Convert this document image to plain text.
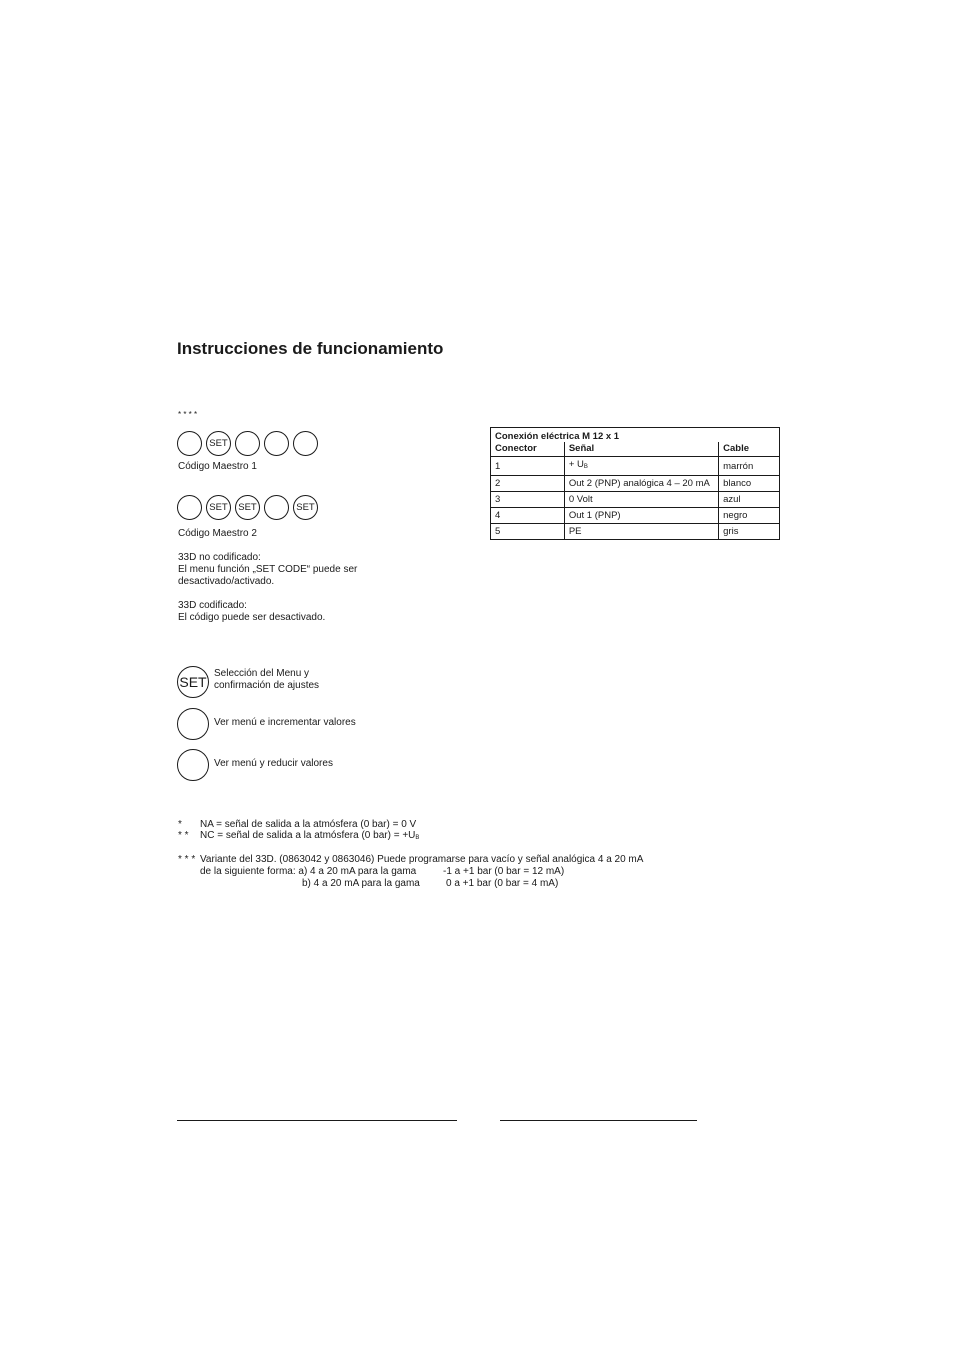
Instrucciones de funcionamiento
* * * *
SET
Código Maestro 1
SET	SET	SET
Código Maestro 2
33D no codificado:
El menu función „SET CODE“ puede ser
desactivado/activado.
33D codificado:
El código puede ser desactivado.
SET
Selección del Menu y
confirmación de ajustes
Ver menú e incrementar valores
Ver menú y reducir valores
* NA = señal de salida a la atmósfera (0 bar) = 0 V
* * NC = señal de salida a la atmósfera (0 bar) = +UB
* * * Variante del 33D. (0863042 y 0863046) Puede programarse para vacío y señal analógica 4 a 20 mA
de la siguiente forma: a) 4 a 20 mA para la gama	-1 a +1 bar (0 bar = 12 mA)
b) 4 a 20 mA para la gama	0 a +1 bar (0 bar = 4 mA)
Conexión eléctrica M 12 x 1		
Conector	Señal	Cable
1	+ UB	marrón
2	Out 2 (PNP) analógica 4 – 20 mA	blanco
3	0 Volt	azul
4	Out 1 (PNP)	negro
5	PE	gris
